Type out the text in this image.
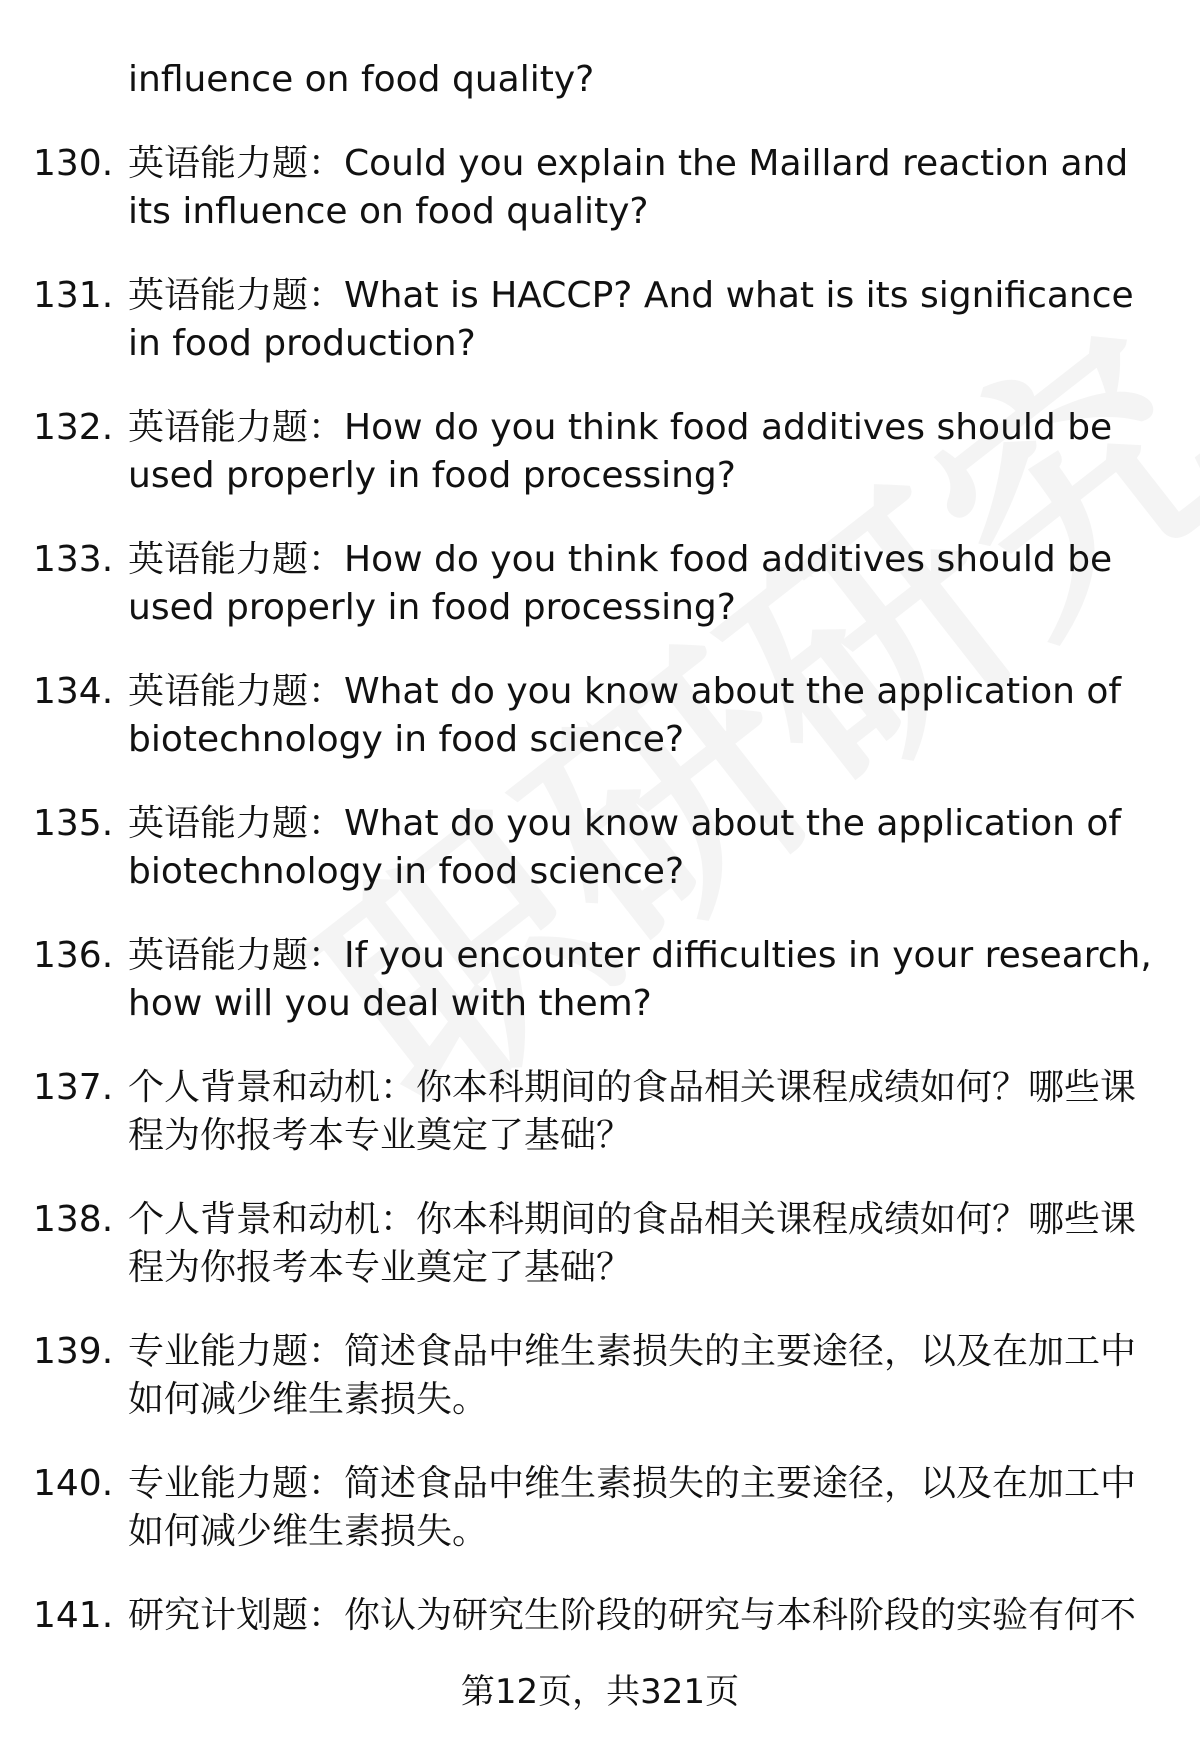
influence on food quality?
130. 英语能力题：Could you explain the Maillard reaction and its influence on food quality?
131. 英语能力题：What is HACCP? And what is its significance in food production?
132. 英语能力题：How do you think food additives should be used properly in food processing?
133. 英语能力题：How do you think food additives should be used properly in food processing?
134. 英语能力题：What do you know about the application of biotechnology in food science?
135. 英语能力题：What do you know about the application of biotechnology in food science?
136. 英语能力题：If you encounter difficulties in your research, how will you deal with them?
137. 个人背景和动机：你本科期间的食品相关课程成绩如何？哪些课程为你报考本专业奠定了基础？
138. 个人背景和动机：你本科期间的食品相关课程成绩如何？哪些课程为你报考本专业奠定了基础？
139. 专业能力题：简述食品中维生素损失的主要途径，以及在加工中如何减少维生素损失。
140. 专业能力题：简述食品中维生素损失的主要途径，以及在加工中如何减少维生素损失。
141. 研究计划题：你认为研究生阶段的研究与本科阶段的实验有何不
第12页，共321页
